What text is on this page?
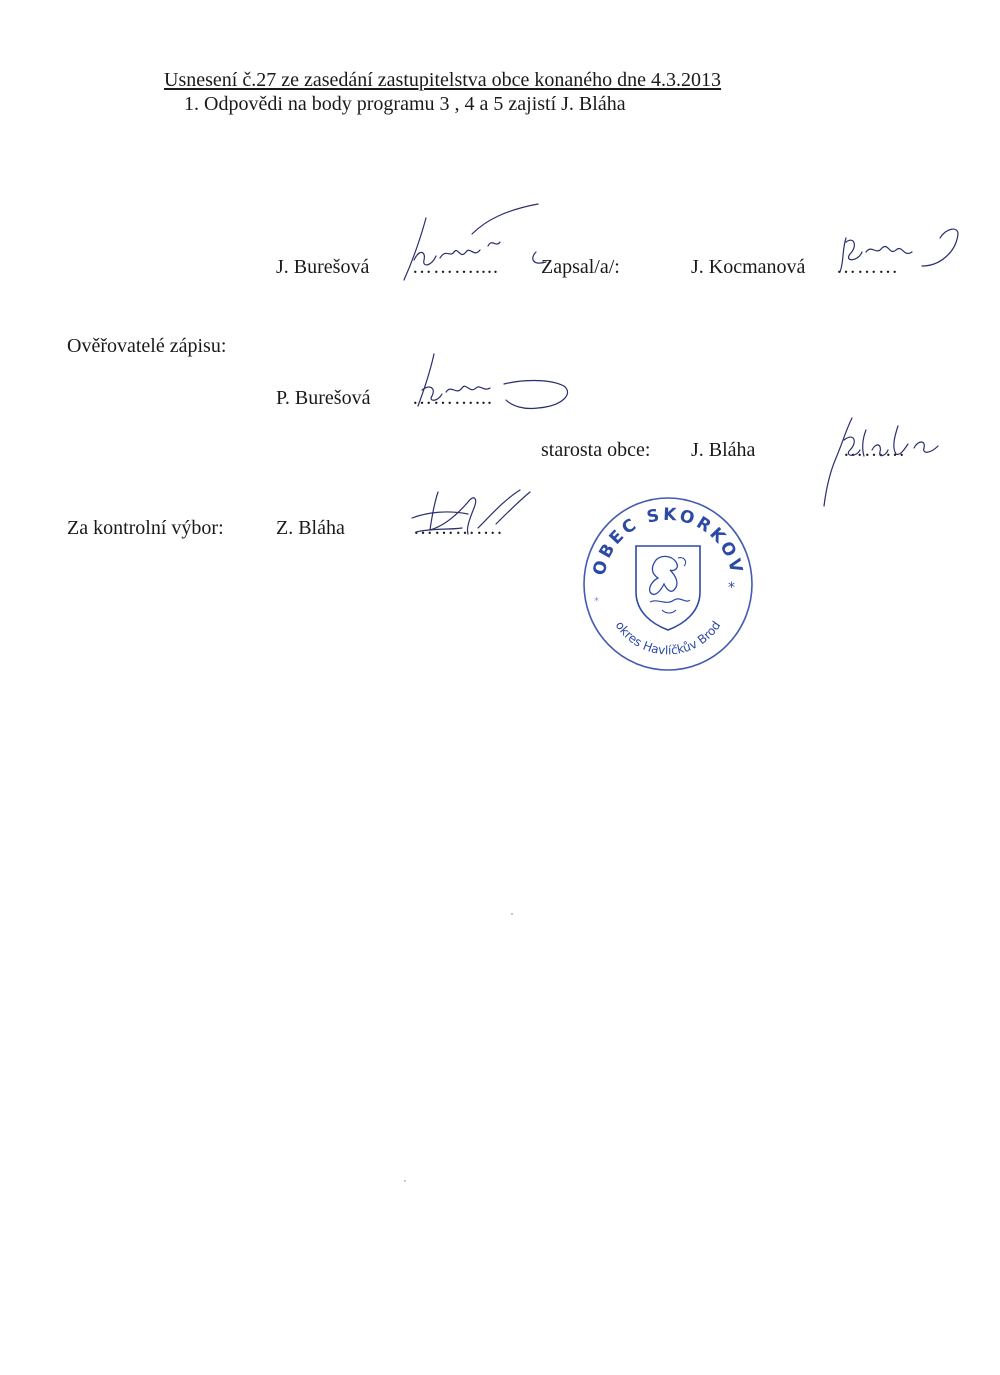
Usnesení č.27 ze zasedání zastupitelstva obce konaného dne 4.3.2013
1. Odpovědi na body programu 3 , 4 a 5 zajistí J. Bláha
J. Burešová ……….... Zapsal/a/:	J. Kocmanová ………
Ověřovatelé zápisu:
P. Burešová ………...
starosta obce: J. Bláha	………
Za kontrolní výbor:	Z. Bláha	………….
OBEC SKORKOV
okres Havlíčkův Brod
*
*
